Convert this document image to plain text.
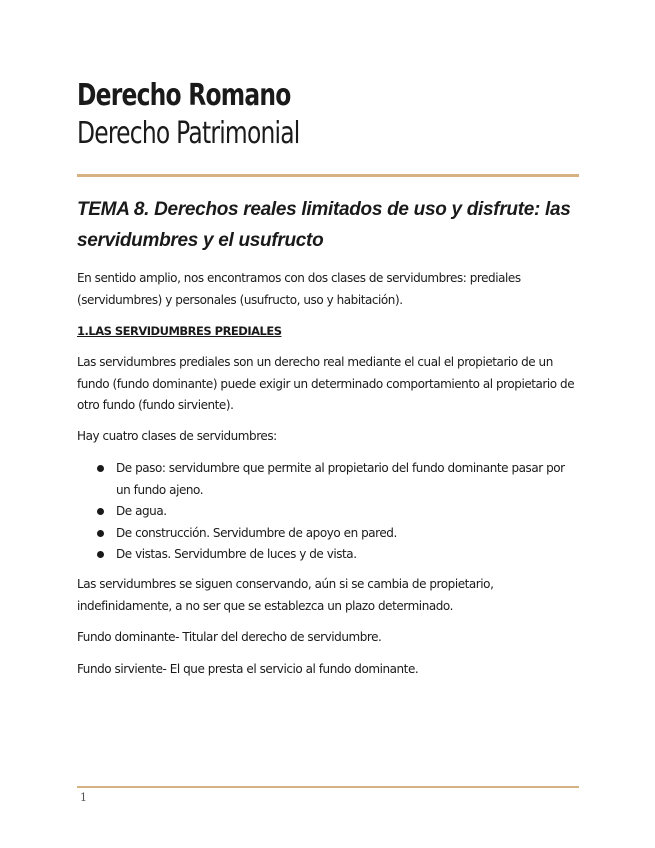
Derecho Romano
Derecho Patrimonial
TEMA 8. Derechos reales limitados de uso y disfrute: las servidumbres y el usufructo
En sentido amplio, nos encontramos con dos clases de servidumbres: prediales (servidumbres) y personales (usufructo, uso y habitación).
1.LAS SERVIDUMBRES PREDIALES
Las servidumbres prediales son un derecho real mediante el cual el propietario de un fundo (fundo dominante) puede exigir un determinado comportamiento al propietario de otro fundo (fundo sirviente).
Hay cuatro clases de servidumbres:
De paso: servidumbre que permite al propietario del fundo dominante pasar por un fundo ajeno.
De agua.
De construcción. Servidumbre de apoyo en pared.
De vistas. Servidumbre de luces y de vista.
Las servidumbres se siguen conservando, aún si se cambia de propietario, indefinidamente, a no ser que se establezca un plazo determinado.
Fundo dominante- Titular del derecho de servidumbre.
Fundo sirviente- El que presta el servicio al fundo dominante.
1
